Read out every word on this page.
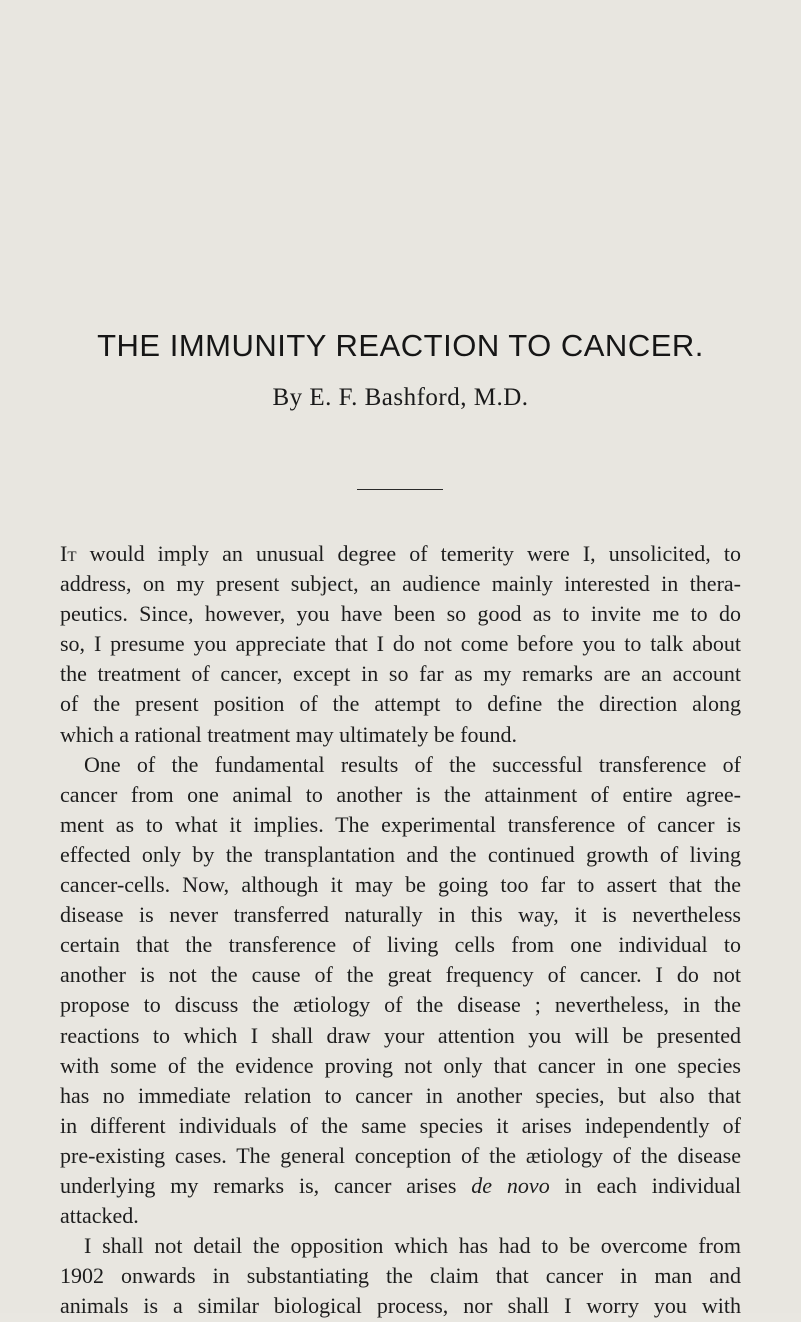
THE IMMUNITY REACTION TO CANCER.
By E. F. Bashford, M.D.
It would imply an unusual degree of temerity were I, unsolicited, to
address, on my present subject, an audience mainly interested in thera-
peutics. Since, however, you have been so good as to invite me to do
so, I presume you appreciate that I do not come before you to talk about
the treatment of cancer, except in so far as my remarks are an account
of the present position of the attempt to define the direction along
which a rational treatment may ultimately be found.
One of the fundamental results of the successful transference of
cancer from one animal to another is the attainment of entire agree-
ment as to what it implies. The experimental transference of cancer is
effected only by the transplantation and the continued growth of living
cancer-cells. Now, although it may be going too far to assert that the
disease is never transferred naturally in this way, it is nevertheless
certain that the transference of living cells from one individual to
another is not the cause of the great frequency of cancer. I do not
propose to discuss the ætiology of the disease ; nevertheless, in the
reactions to which I shall draw your attention you will be presented
with some of the evidence proving not only that cancer in one species
has no immediate relation to cancer in another species, but also that
in different individuals of the same species it arises independently of
pre-existing cases. The general conception of the ætiology of the disease
underlying my remarks is, cancer arises de novo in each individual
attacked.
I shall not detail the opposition which has had to be overcome from
1902 onwards in substantiating the claim that cancer in man and
animals is a similar biological process, nor shall I worry you with
